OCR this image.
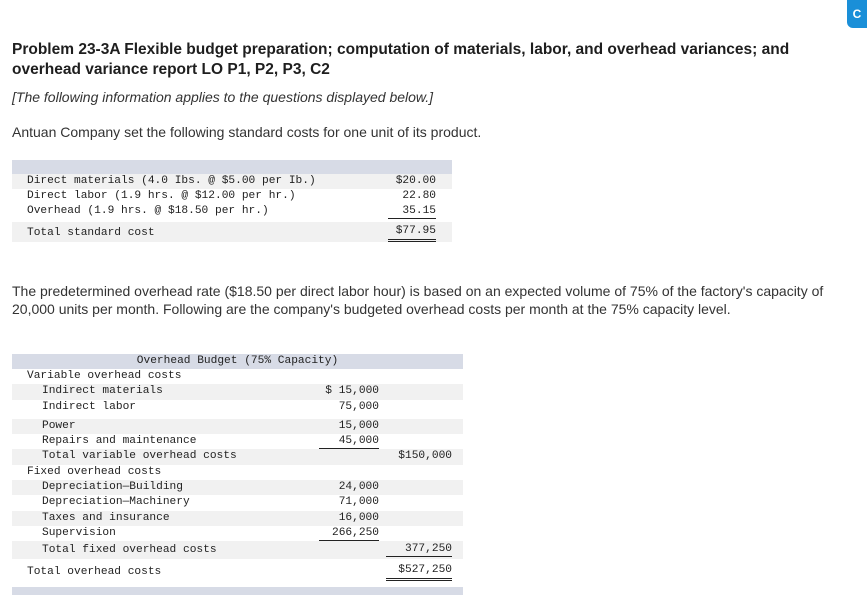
C
Problem 23-3A Flexible budget preparation; computation of materials, labor, and overhead variances; and overhead variance report LO P1, P2, P3, C2
[The following information applies to the questions displayed below.]
Antuan Company set the following standard costs for one unit of its product.
Direct materials (4.0 Ibs. @ $5.00 per Ib.)	$20.00
Direct labor (1.9 hrs. @ $12.00 per hr.)	22.80
Overhead (1.9 hrs. @ $18.50 per hr.)	35.15
Total standard cost	$77.95
The predetermined overhead rate ($18.50 per direct labor hour) is based on an expected volume of 75% of the factory's capacity of 20,000 units per month. Following are the company's budgeted overhead costs per month at the 75% capacity level.
Overhead Budget (75% Capacity)
Variable overhead costs
Indirect materials	$ 15,000
Indirect labor	75,000
Power	15,000
Repairs and maintenance	45,000
Total variable overhead costs	$150,000
Fixed overhead costs
Depreciation—Building	24,000
Depreciation—Machinery	71,000
Taxes and insurance	16,000
Supervision	266,250
Total fixed overhead costs	377,250
Total overhead costs	$527,250
